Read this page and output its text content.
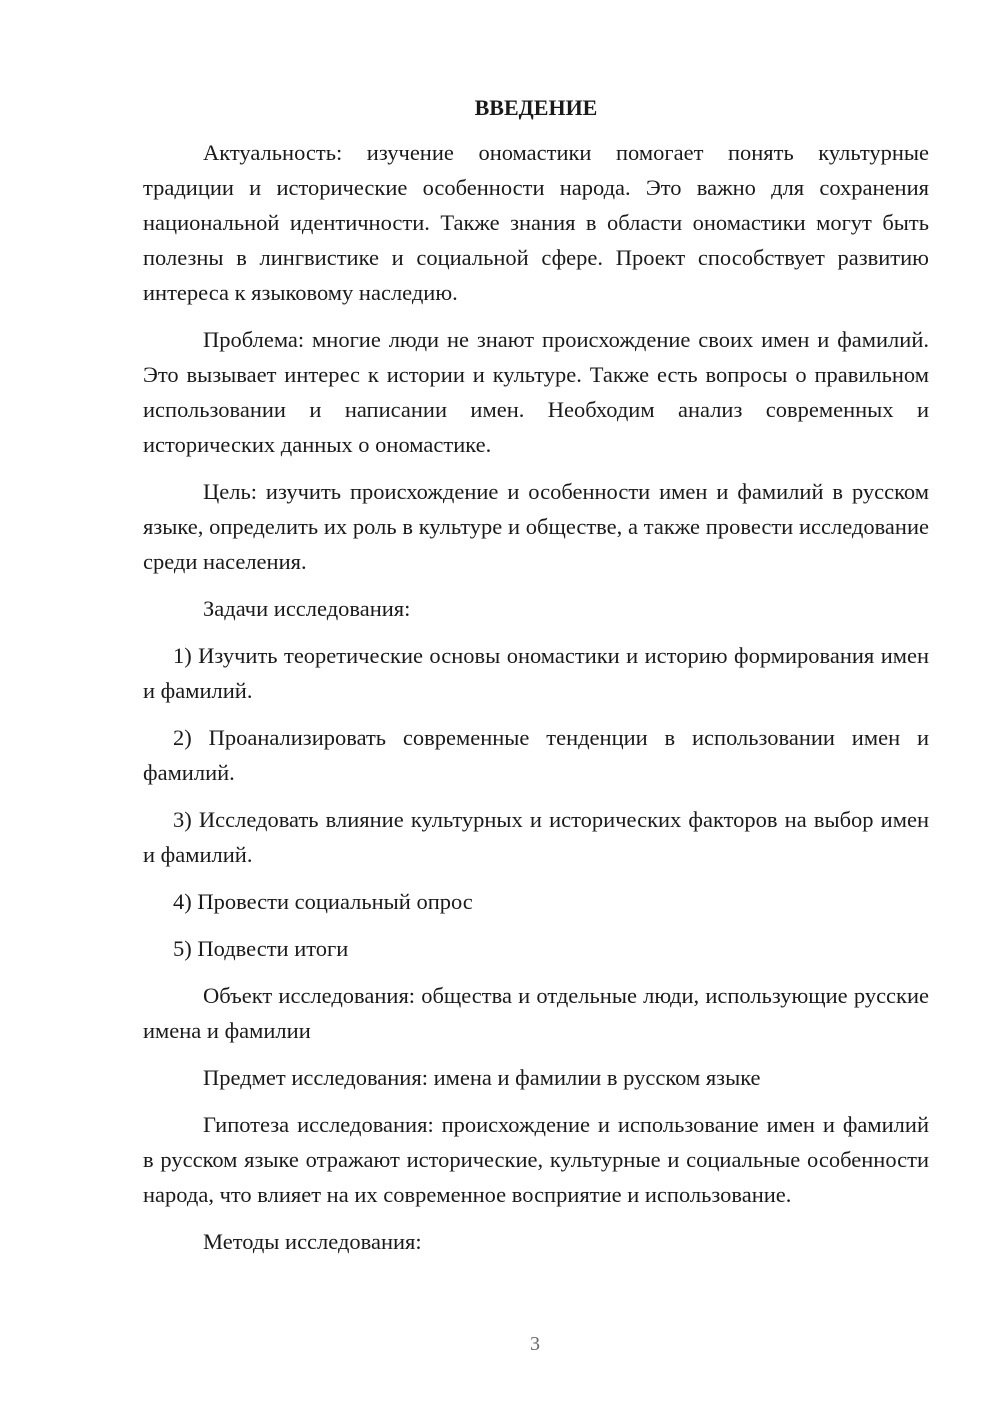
ВВЕДЕНИЕ

Актуальность: изучение ономастики помогает понять культурные традиции и исторические особенности народа. Это важно для сохранения национальной идентичности. Также знания в области ономастики могут быть полезны в лингвистике и социальной сфере. Проект способствует развитию интереса к языковому наследию.

Проблема: многие люди не знают происхождение своих имен и фамилий. Это вызывает интерес к истории и культуре. Также есть вопросы о правильном использовании и написании имен. Необходим анализ современных и исторических данных о ономастике.

Цель: изучить происхождение и особенности имен и фамилий в русском языке, определить их роль в культуре и обществе, а также провести исследование среди населения.

Задачи исследования:

1) Изучить теоретические основы ономастики и историю формирования имен и фамилий.

2) Проанализировать современные тенденции в использовании имен и фамилий.

3) Исследовать влияние культурных и исторических факторов на выбор имен и фамилий.

4) Провести социальный опрос

5) Подвести итоги

Объект исследования: общества и отдельные люди, использующие русские имена и фамилии

Предмет исследования: имена и фамилии в русском языке

Гипотеза исследования: происхождение и использование имен и фамилий в русском языке отражают исторические, культурные и социальные особенности народа, что влияет на их современное восприятие и использование.

Методы исследования:

3
